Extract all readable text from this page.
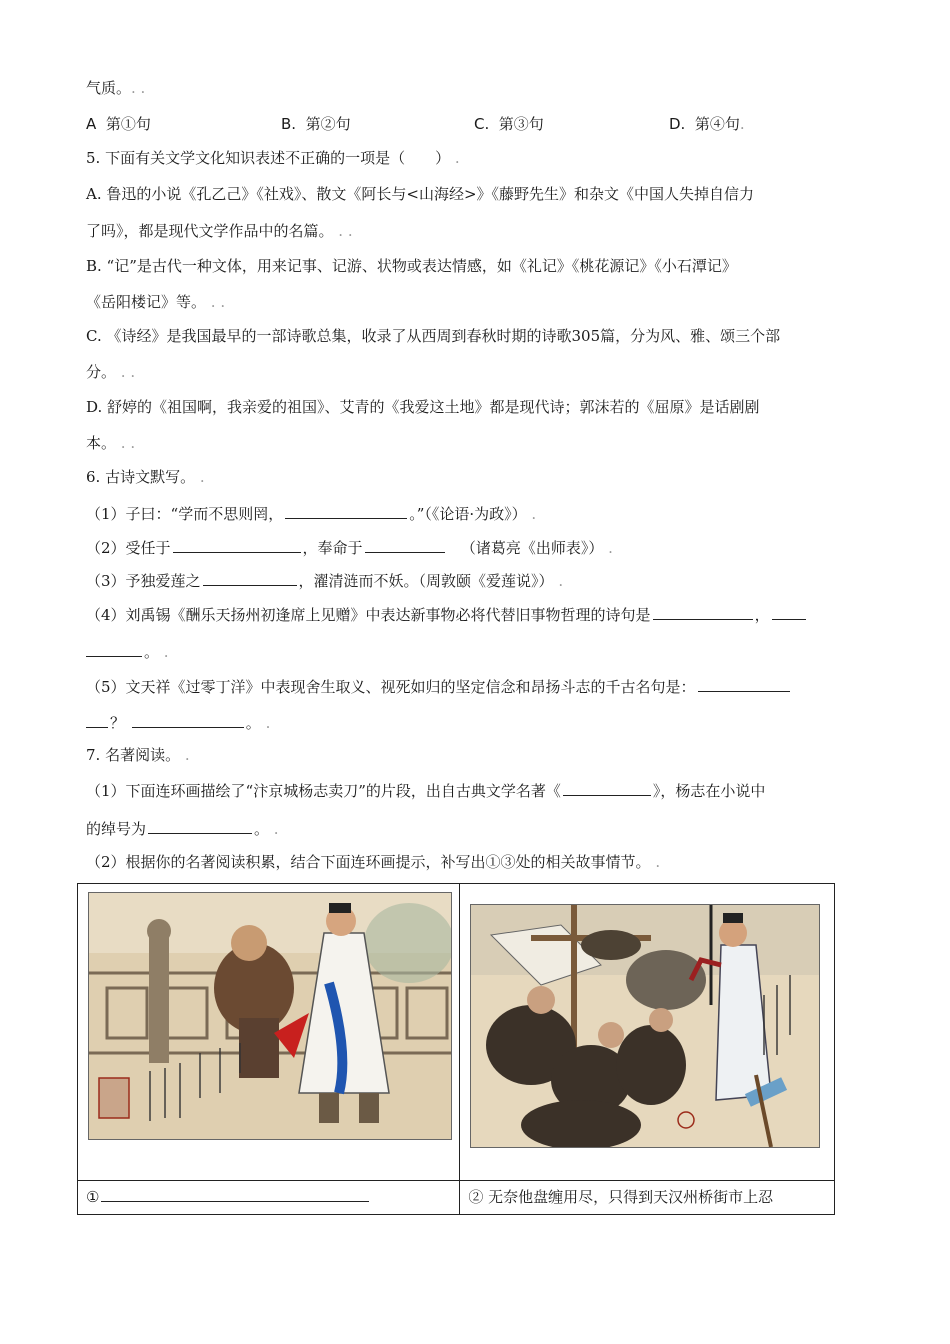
气质。. .
A 第①句	B. 第②句	C. 第③句	D. 第④句.
5. 下面有关文学文化知识表述不正确的一项是（　　） .
A. 鲁迅的小说《孔乙己》《社戏》、散文《阿长与<山海经>》《藤野先生》和杂文《中国人失掉自信力
了吗》，都是现代文学作品中的名篇。 . .
B. “记”是古代一种文体，用来记事、记游、状物或表达情感，如《礼记》《桃花源记》《小石潭记》
《岳阳楼记》等。 . .
C. 《诗经》是我国最早的一部诗歌总集，收录了从西周到春秋时期的诗歌305篇，分为风、雅、颂三个部
分。 . .
D. 舒婷的《祖国啊，我亲爱的祖国》、艾青的《我爱这土地》都是现代诗；郭沫若的《屈原》是话剧剧
本。 . .
6. 古诗文默写。 .
（1）子曰：“学而不思则罔，	。”（《论语·为政》） .
（2）受任于	，奉命于	（诸葛亮《出师表》） .
（3）予独爱莲之	，濯清涟而不妖。（周敦颐《爱莲说》） .
（4）刘禹锡《酬乐天扬州初逢席上见赠》中表达新事物必将代替旧事物哲理的诗句是	，
。 .
（5）文天祥《过零丁洋》中表现舍生取义、视死如归的坚定信念和昂扬斗志的千古名句是：
？	。 .
7. 名著阅读。 .
（1）下面连环画描绘了“汴京城杨志卖刀”的片段，出自古典文学名著《	》，杨志在小说中
的绰号为	。 .
（2）根据你的名著阅读积累，结合下面连环画提示，补写出①③处的相关故事情节。 .

①	② 无奈他盘缠用尽，只得到天汉州桥街市上忍
